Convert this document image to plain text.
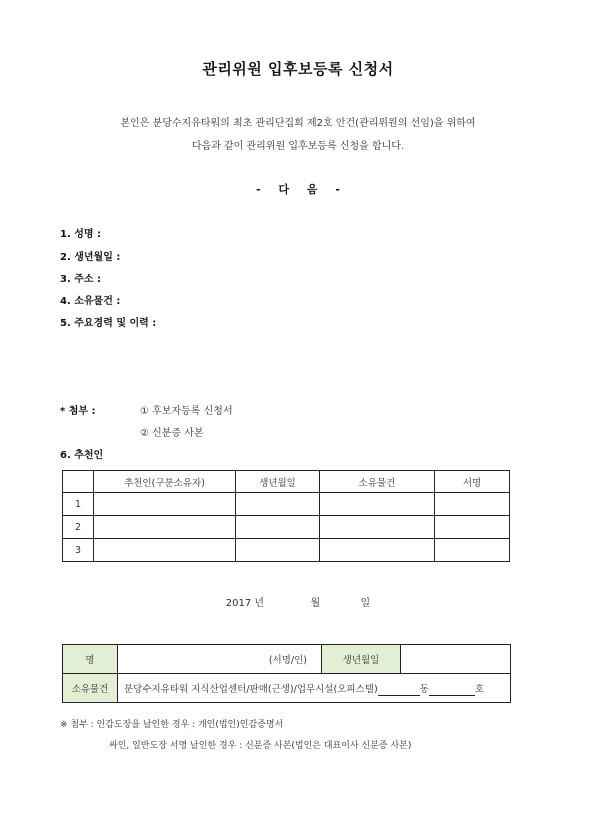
관리위원 입후보등록 신청서
본인은 분당수지유타워의 최초 관리단집회 제2호 안건(관리위원의 선임)을 위하여
다음과 같이 관리위원 입후보등록 신청을 합니다.
- 다 음 -
1. 성명 :
2. 생년월일 :
3. 주소 :
4. 소유물건 :
5. 주요경력 및 이력 :
* 첨부 :	① 후보자등록 신청서
② 신분증 사본
6. 추천인
	추천인(구분소유자)	생년월일	소유물건	서명
1				
2				
3				
2017 년	월	일
명	(서명/인)	생년월일	
소유물건	분당수지유타워 지식산업센터/판매(근생)/업무시설(오피스텔) 동 호		
※ 첨부 : 인감도장을 날인한 경우 : 개인(법인)인감증명서
싸인, 일반도장 서명 날인한 경우 : 신분증 사본(법인은 대표이사 신분증 사본)
